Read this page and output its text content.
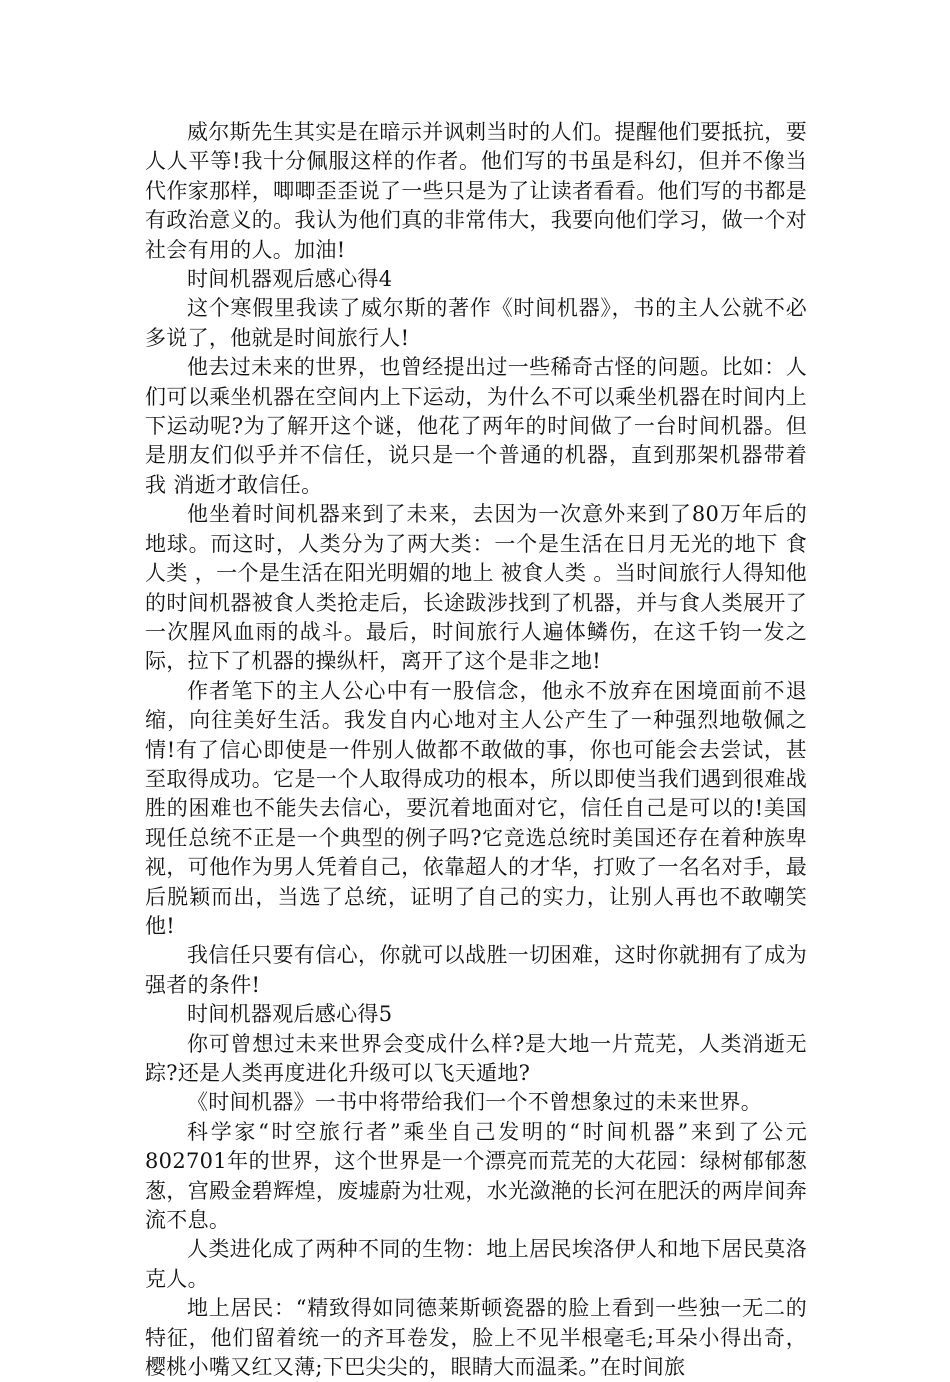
威尔斯先生其实是在暗示并讽刺当时的人们。提醒他们要抵抗，要人人平等!我十分佩服这样的作者。他们写的书虽是科幻，但并不像当代作家那样，唧唧歪歪说了一些只是为了让读者看看。他们写的书都是有政治意义的。我认为他们真的非常伟大，我要向他们学习，做一个对社会有用的人。加油!

时间机器观后感心得4

这个寒假里我读了威尔斯的著作《时间机器》，书的主人公就不必多说了，他就是时间旅行人!

他去过未来的世界，也曾经提出过一些稀奇古怪的问题。比如：人们可以乘坐机器在空间内上下运动，为什么不可以乘坐机器在时间内上下运动呢?为了解开这个谜，他花了两年的时间做了一台时间机器。但是朋友们似乎并不信任，说只是一个普通的机器，直到那架机器带着 我 消逝才敢信任。

他坐着时间机器来到了未来，去因为一次意外来到了80万年后的地球。而这时，人类分为了两大类：一个是生活在日月无光的地下 食人类 ，一个是生活在阳光明媚的地上 被食人类 。当时间旅行人得知他的时间机器被食人类抢走后，长途跋涉找到了机器，并与食人类展开了一次腥风血雨的战斗。最后，时间旅行人遍体鳞伤，在这千钧一发之际，拉下了机器的操纵杆，离开了这个是非之地!

作者笔下的主人公心中有一股信念，他永不放弃在困境面前不退缩，向往美好生活。我发自内心地对主人公产生了一种强烈地敬佩之情!有了信心即使是一件别人做都不敢做的事，你也可能会去尝试，甚至取得成功。它是一个人取得成功的根本，所以即使当我们遇到很难战胜的困难也不能失去信心，要沉着地面对它，信任自己是可以的!美国现任总统不正是一个典型的例子吗?它竞选总统时美国还存在着种族卑视，可他作为男人凭着自己，依靠超人的才华，打败了一名名对手，最后脱颖而出，当选了总统，证明了自己的实力，让别人再也不敢嘲笑他!

我信任只要有信心，你就可以战胜一切困难，这时你就拥有了成为强者的条件!

时间机器观后感心得5

你可曾想过未来世界会变成什么样?是大地一片荒芜，人类消逝无踪?还是人类再度进化升级可以飞天遁地?

《时间机器》一书中将带给我们一个不曾想象过的未来世界。

科学家“时空旅行者”乘坐自己发明的“时间机器”来到了公元802701年的世界，这个世界是一个漂亮而荒芜的大花园：绿树郁郁葱葱，宫殿金碧辉煌，废墟蔚为壮观，水光潋滟的长河在肥沃的两岸间奔流不息。

人类进化成了两种不同的生物：地上居民埃洛伊人和地下居民莫洛克人。

地上居民：“精致得如同德莱斯顿瓷器的脸上看到一些独一无二的特征，他们留着统一的齐耳卷发，脸上不见半根毫毛;耳朵小得出奇，樱桃小嘴又红又薄;下巴尖尖的，眼睛大而温柔。”在时间旅
